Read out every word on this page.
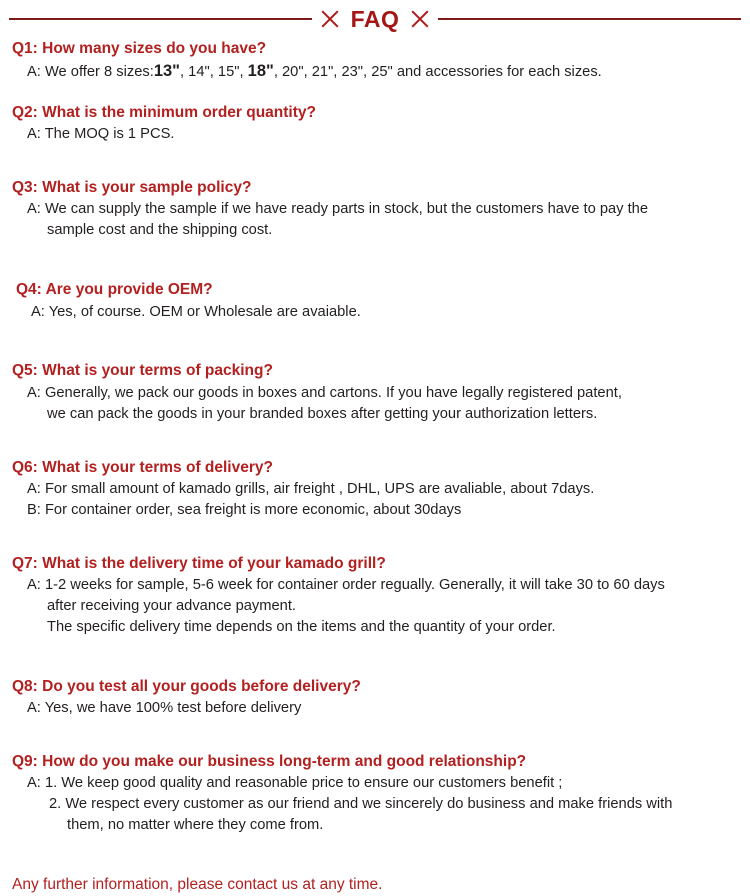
FAQ

Q1: How many sizes do you have?

A: We offer 8 sizes:13", 14", 15", 18", 20", 21", 23", 25" and accessories for each sizes.

Q2: What is the minimum order quantity?

A: The MOQ is 1 PCS.

Q3: What is your sample policy?

A: We can supply the sample if we have ready parts in stock, but the customers have to pay the
sample cost and the shipping cost.

Q4: Are you provide OEM?

A: Yes, of course. OEM or Wholesale are avaiable.

Q5: What is your terms of packing?

A: Generally, we pack our goods in boxes and cartons. If you have legally registered patent,
we can pack the goods in your branded boxes after getting your authorization letters.

Q6: What is your terms of delivery?

A: For small amount of kamado grills, air freight , DHL, UPS are avaliable, about 7days.
B: For container order, sea freight is more economic, about 30days

Q7: What is the delivery time of your kamado grill?

A: 1-2 weeks for sample, 5-6 week for container order regually. Generally, it will take 30 to 60 days
after receiving your advance payment.
The specific delivery time depends on the items and the quantity of your order.

Q8: Do you test all your goods before delivery?

A: Yes, we have 100% test before delivery

Q9: How do you make our business long-term and good relationship?

A: 1. We keep good quality and reasonable price to ensure our customers benefit ;
2. We respect every customer as our friend and we sincerely do business and make friends with
them, no matter where they come from.

Any further information, please contact us at any time.
